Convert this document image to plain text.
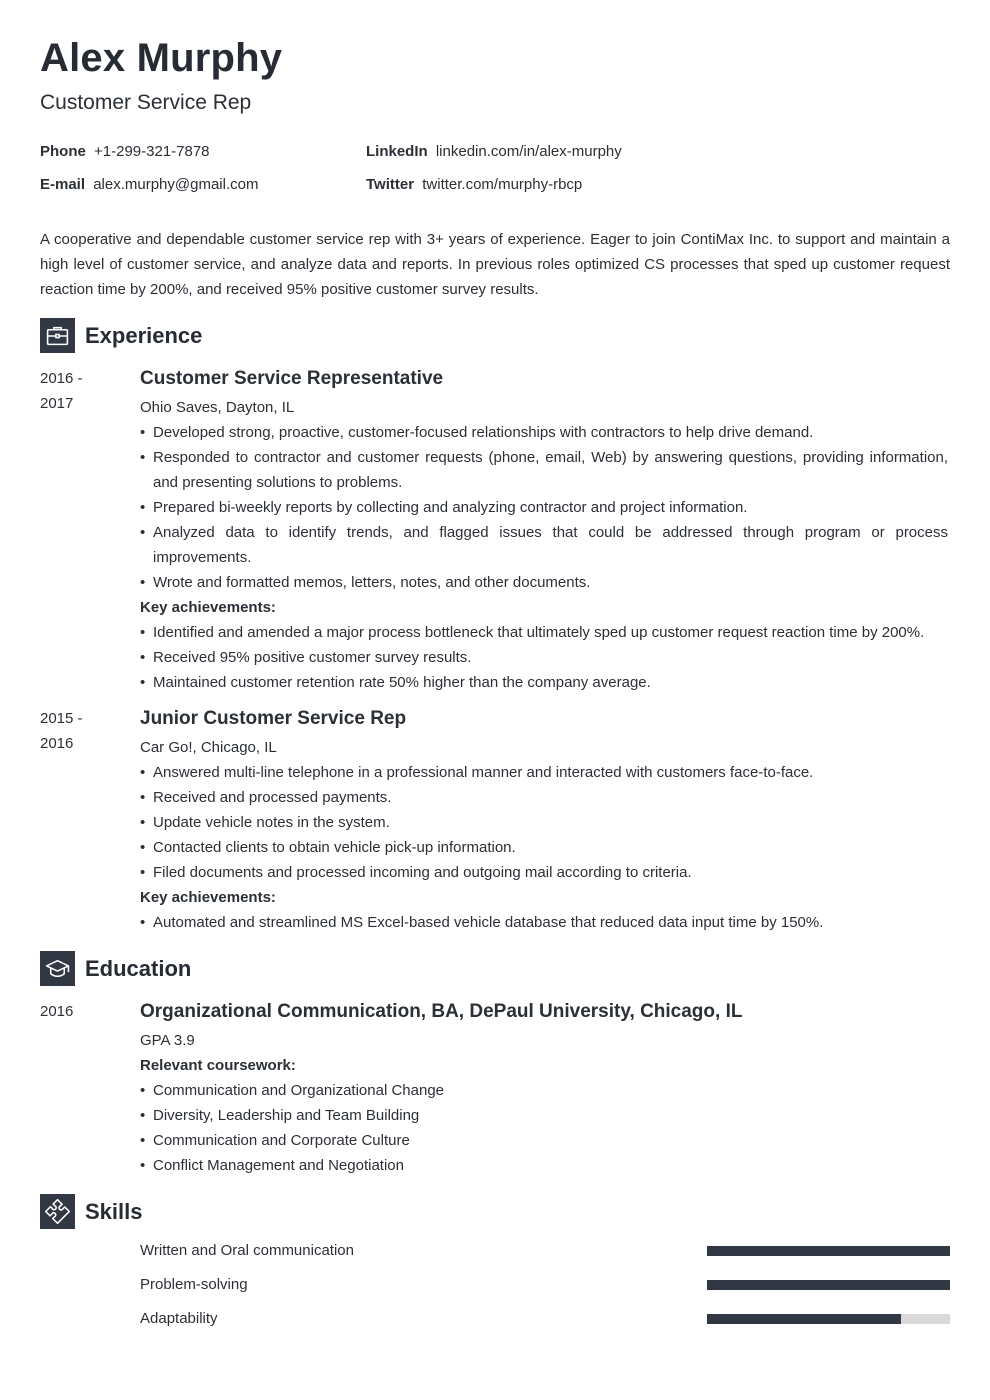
Alex Murphy
Customer Service Rep
Phone +1-299-321-7878	LinkedIn linkedin.com/in/alex-murphy
E-mail alex.murphy@gmail.com	Twitter twitter.com/murphy-rbcp

A cooperative and dependable customer service rep with 3+ years of experience. Eager to join ContiMax Inc. to support and maintain a high level of customer service, and analyze data and reports. In previous roles optimized CS processes that sped up customer request reaction time by 200%, and received 95% positive customer survey results.

Experience
2016 - 2017
Customer Service Representative
Ohio Saves, Dayton, IL
• Developed strong, proactive, customer-focused relationships with contractors to help drive demand.
• Responded to contractor and customer requests (phone, email, Web) by answering questions, providing information, and presenting solutions to problems.
• Prepared bi-weekly reports by collecting and analyzing contractor and project information.
• Analyzed data to identify trends, and flagged issues that could be addressed through program or process improvements.
• Wrote and formatted memos, letters, notes, and other documents.
Key achievements:
• Identified and amended a major process bottleneck that ultimately sped up customer request reaction time by 200%.
• Received 95% positive customer survey results.
• Maintained customer retention rate 50% higher than the company average.
2015 - 2016
Junior Customer Service Rep
Car Go!, Chicago, IL
• Answered multi-line telephone in a professional manner and interacted with customers face-to-face.
• Received and processed payments.
• Update vehicle notes in the system.
• Contacted clients to obtain vehicle pick-up information.
• Filed documents and processed incoming and outgoing mail according to criteria.
Key achievements:
• Automated and streamlined MS Excel-based vehicle database that reduced data input time by 150%.
Education
2016	Organizational Communication, BA, DePaul University, Chicago, IL
GPA 3.9
Relevant coursework:
• Communication and Organizational Change
• Diversity, Leadership and Team Building
• Communication and Corporate Culture
• Conflict Management and Negotiation
Skills
Written and Oral communication
Problem-solving
Adaptability
